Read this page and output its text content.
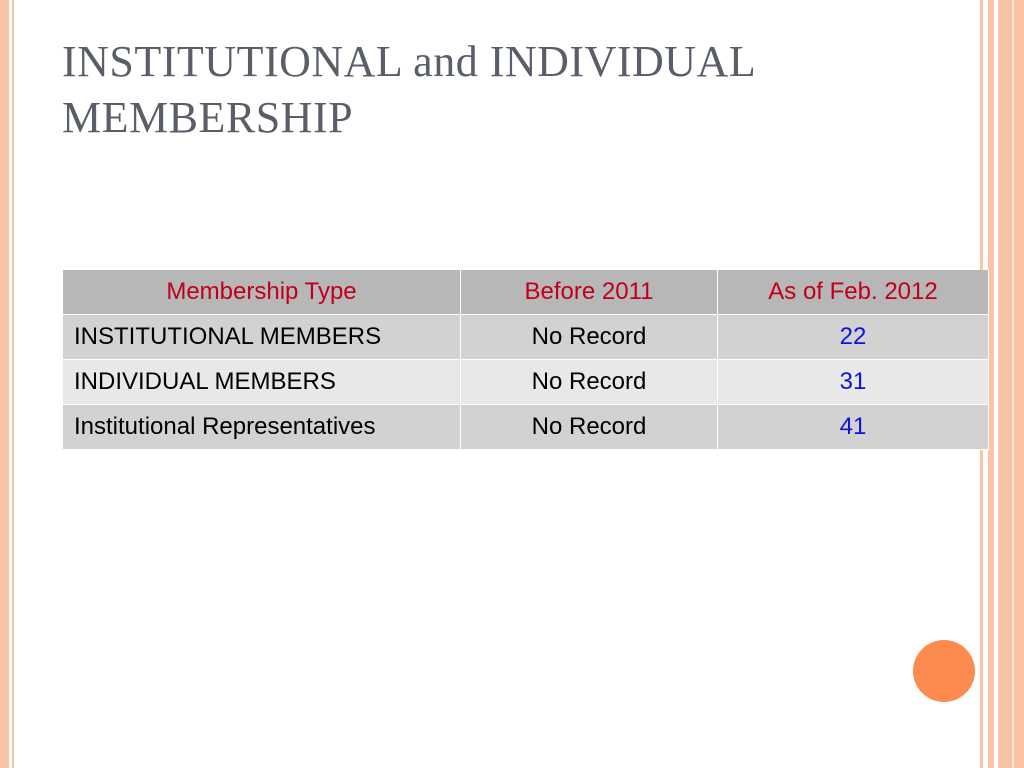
INSTITUTIONAL and INDIVIDUAL MEMBERSHIP
Membership Type	Before 2011	As of Feb. 2012
INSTITUTIONAL MEMBERS	No Record	22
INDIVIDUAL MEMBERS	No Record	31
Institutional Representatives	No Record	41
